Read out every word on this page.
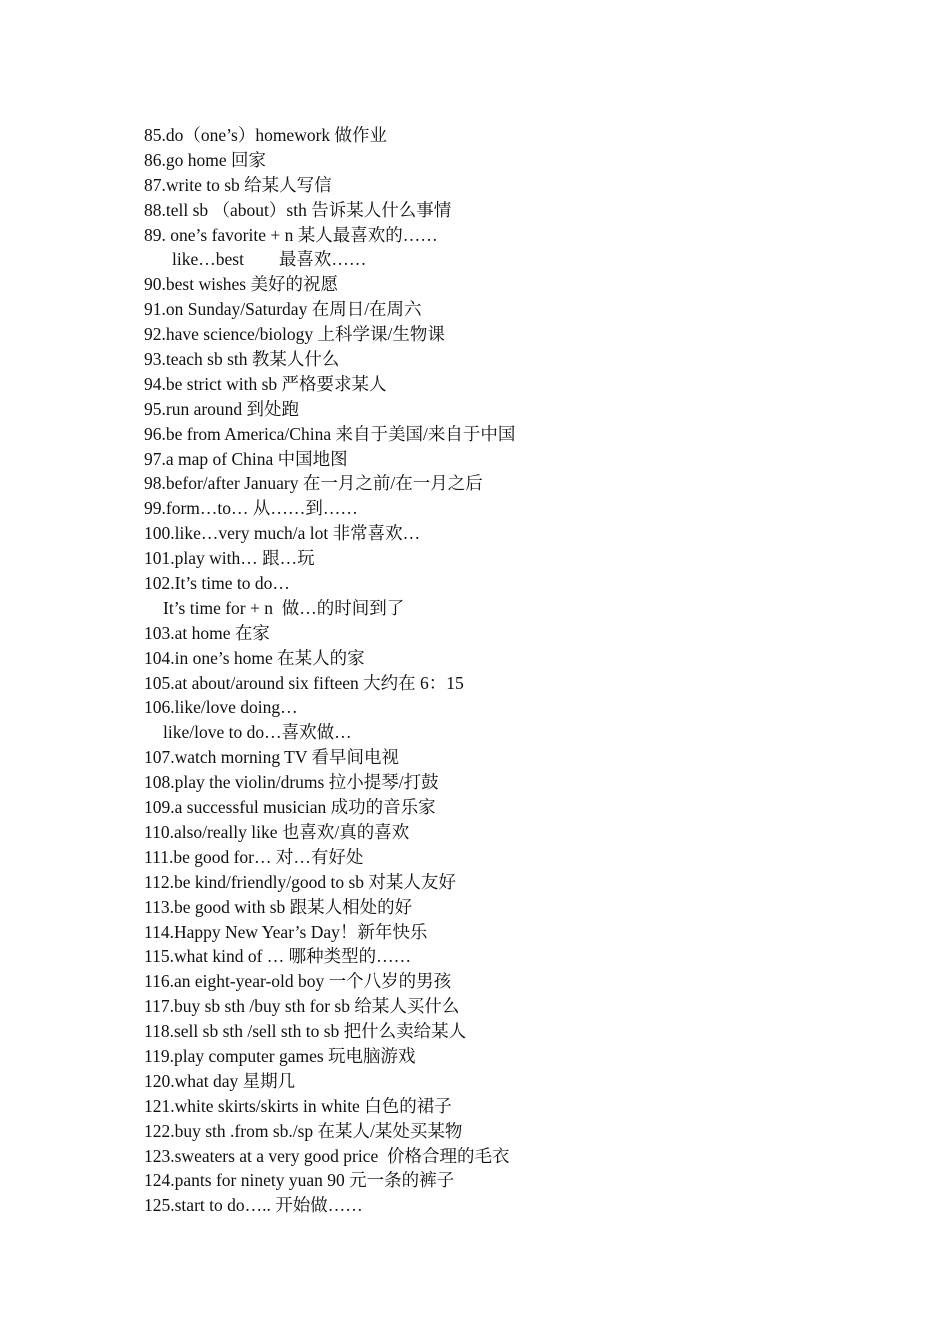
85.do（one’s）homework 做作业
86.go home 回家
87.write to sb 给某人写信
88.tell sb （about）sth 告诉某人什么事情
89. one’s favorite + n 某人最喜欢的……
like…best        最喜欢……
90.best wishes 美好的祝愿
91.on Sunday/Saturday 在周日/在周六
92.have science/biology 上科学课/生物课
93.teach sb sth 教某人什么
94.be strict with sb 严格要求某人
95.run around 到处跑
96.be from America/China 来自于美国/来自于中国
97.a map of China 中国地图
98.befor/after January 在一月之前/在一月之后
99.form…to… 从……到……
100.like…very much/a lot 非常喜欢…
101.play with… 跟…玩
102.It’s time to do…
It’s time for + n  做…的时间到了
103.at home 在家
104.in one’s home 在某人的家
105.at about/around six fifteen 大约在 6：15
106.like/love doing…
like/love to do…喜欢做…
107.watch morning TV 看早间电视
108.play the violin/drums 拉小提琴/打鼓
109.a successful musician 成功的音乐家
110.also/really like 也喜欢/真的喜欢
111.be good for… 对…有好处
112.be kind/friendly/good to sb 对某人友好
113.be good with sb 跟某人相处的好
114.Happy New Year’s Day！新年快乐
115.what kind of … 哪种类型的……
116.an eight-year-old boy 一个八岁的男孩
117.buy sb sth /buy sth for sb 给某人买什么
118.sell sb sth /sell sth to sb 把什么卖给某人
119.play computer games 玩电脑游戏
120.what day 星期几
121.white skirts/skirts in white 白色的裙子
122.buy sth .from sb./sp 在某人/某处买某物
123.sweaters at a very good price  价格合理的毛衣
124.pants for ninety yuan 90 元一条的裤子
125.start to do….. 开始做……
